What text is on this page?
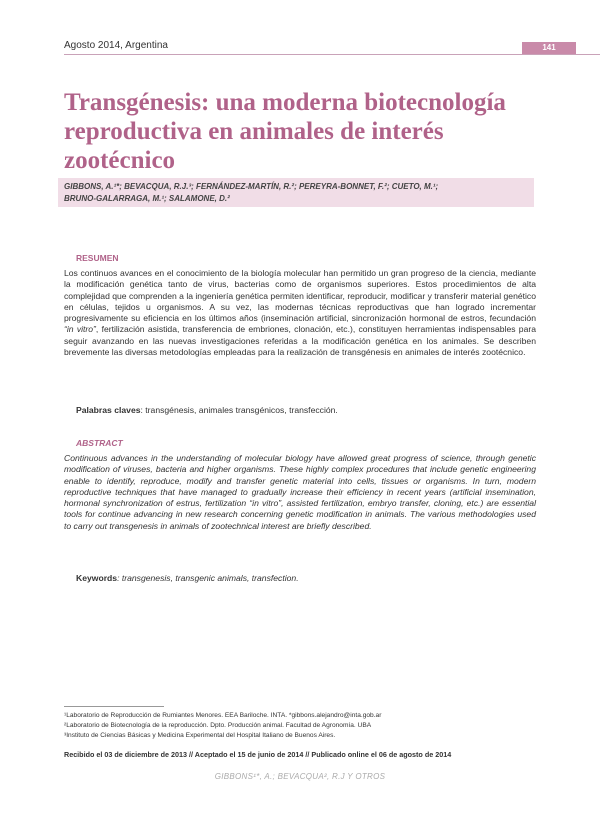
Agosto 2014, Argentina	141
Transgénesis: una moderna biotecnología reproductiva en animales de interés zootécnico
GIBBONS, A.¹*; BEVACQUA, R.J.³; FERNÁNDEZ-MARTÍN, R.²; PEREYRA-BONNET, F.²; CUETO, M.¹;
BRUNO-GALARRAGA, M.¹; SALAMONE, D.²
RESUMEN

Los continuos avances en el conocimiento de la biología molecular han permitido un gran progreso de la ciencia, mediante la modificación genética tanto de virus, bacterias como de organismos superiores. Estos procedimientos de alta complejidad que comprenden a la ingeniería genética permiten identificar, reproducir, modificar y transferir material genético en células, tejidos u organismos. A su vez, las modernas técnicas reproductivas que han logrado incrementar progresivamente su eficiencia en los últimos años (inseminación artificial, sincronización hormonal de estros, fecundación “in vitro”, fertilización asistida, transferencia de embriones, clonación, etc.), constituyen herramientas indispensables para seguir avanzando en las nuevas investigaciones referidas a la modificación genética en los animales. Se describen brevemente las diversas metodologías empleadas para la realización de transgénesis en animales de interés zootécnico.

Palabras claves: transgénesis, animales transgénicos, transfección.
ABSTRACT

Continuous advances in the understanding of molecular biology have allowed great progress of science, through genetic modification of viruses, bacteria and higher organisms. These highly complex procedures that include genetic engineering enable to identify, reproduce, modify and transfer genetic material into cells, tissues or organisms. In turn, modern reproductive techniques that have managed to gradually increase their efficiency in recent years (artificial insemination, hormonal synchronization of estrus, fertilization “in vitro”, assisted fertilization, embryo transfer, cloning, etc.) are essential tools for continue advancing in new research concerning genetic modification in animals. The various methodologies used to carry out transgenesis in animals of zootechnical interest are briefly described.

Keywords: transgenesis, transgenic animals, transfection.
¹Laboratorio de Reproducción de Rumiantes Menores. EEA Bariloche. INTA. *gibbons.alejandro@inta.gob.ar
²Laboratorio de Biotecnología de la reproducción. Dpto. Producción animal. Facultad de Agronomía. UBA
³Instituto de Ciencias Básicas y Medicina Experimental del Hospital Italiano de Buenos Aires.
Recibido el 03 de diciembre de 2013 // Aceptado el 15 de junio de 2014 // Publicado online el 06 de agosto de 2014
GIBBONS¹*, A.; BEVACQUA², R.J Y OTROS
